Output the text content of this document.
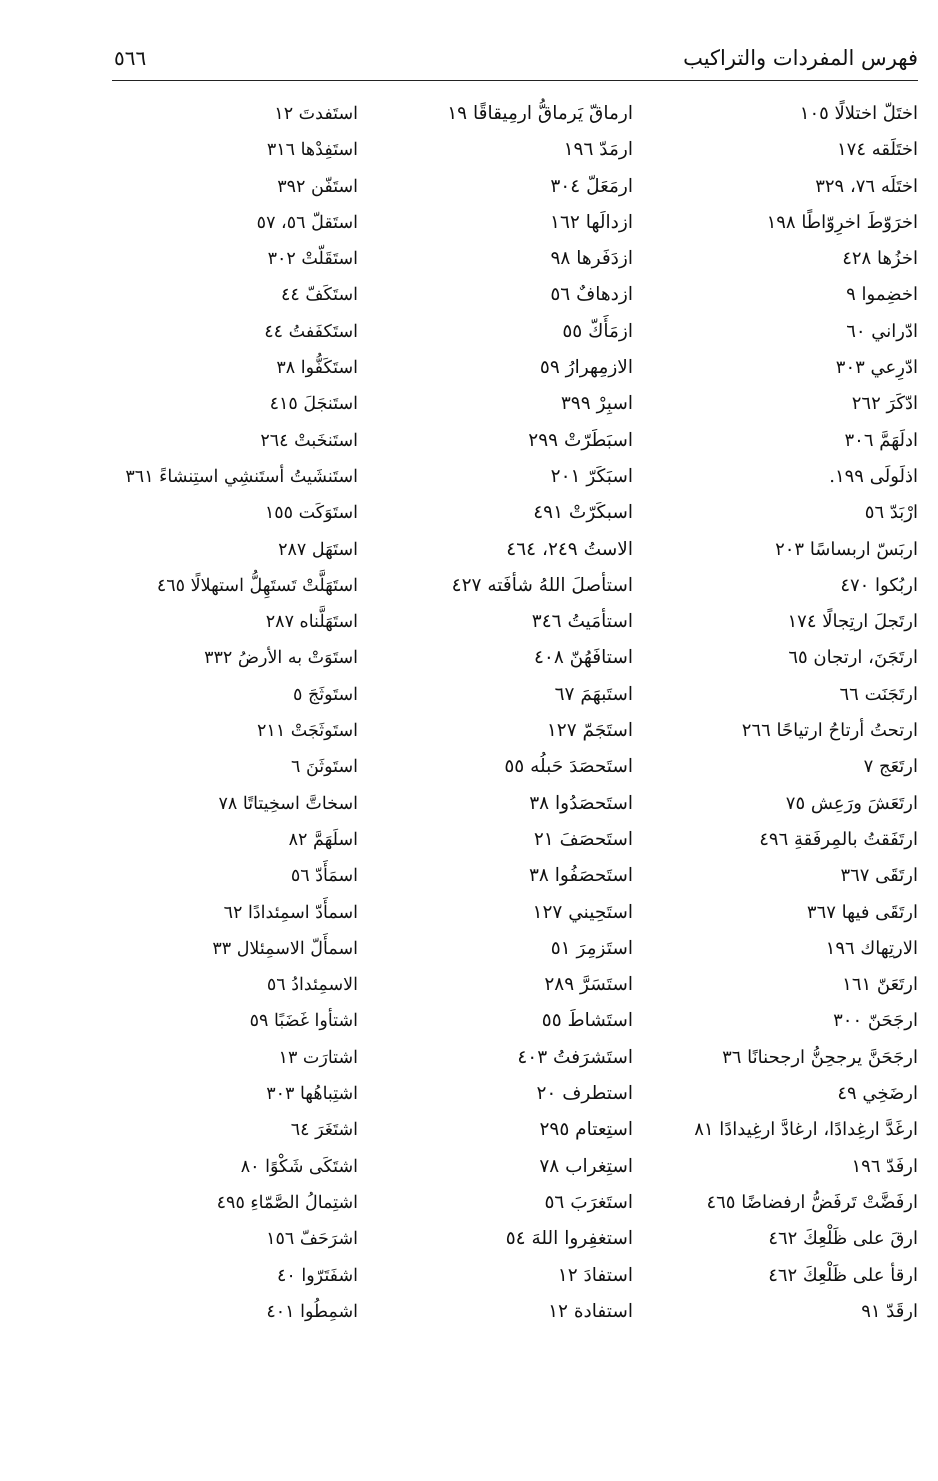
فهرس المفردات والتراكيب
٥٦٦
اختَلّ اختلالًا ١٠٥
اختَلَقه ١٧٤
اختَلَه ٧٦، ٣٢٩
اخرَوّطَ اخرِوّاطًا ١٩٨
اخزُها ٤٢٨
اخضِموا ٩
ادّراني ٦٠
ادّرِعي ٣٠٣
ادّكَرَ ٢٦٢
ادلَهَمَّ ٣٠٦
اذلَولَى ١٩٩.
ارْبَدّ ٥٦
اربَسّ اربساسًا ٢٠٣
اربُكوا ٤٧٠
ارتَجلَ ارتِجالًا ١٧٤
ارتَجَنَ، ارتجان ٦٥
ارتَجَنَت ٦٦
ارتحتُ أرتاحُ ارتياحًا ٢٦٦
ارتَعَج ٧
ارتَعَشَ ورَعِش ٧٥
ارتَفَقتُ بالمِرفَقةِ ٤٩٦
ارتَقَى ٣٦٧
ارتَقَى فيها ٣٦٧
الارتِهاك ١٩٦
ارتَعَنّ ١٦١
ارجَحَنّ ٣٠٠
ارجَحَنَّ يرجحِنُّ ارجحنانًا ٣٦
ارضَخِي ٤٩
ارغَدَّ ارغِدادًا، ارغادَّ ارغِيدادًا ٨١
ارفَدّ ١٩٦
ارفَضَّتْ تَرفَضُّ ارفضاضًا ٤٦٥
ارقَ على ظَلْعِكَ ٤٦٢
ارقأ على ظَلْعِكَ ٤٦٢
ارقَدّ ٩١
ارماقّ يَرماقُّ ارمِيقاقًا ١٩
ارمَدّ ١٩٦
ارمَعَلّ ٣٠٤
ازدالَها ١٦٢
ازدَفَرها ٩٨
ازدهافٌ ٥٦
ازمَأَكّ ٥٥
الازمِهرارُ ٥٩
اسبِرْ ٣٩٩
اسبَطَرّتْ ٢٩٩
اسبَكَرّ ٢٠١
اسبكَرّتْ ٤٩١
الاستُ ٢٤٩، ٤٦٤
استأصلَ اللهُ شأفَته ٤٢٧
استأمَيتُ ٣٤٦
استافَهُنّ ٤٠٨
استَبهَمَ ٦٧
استَجَمّ ١٢٧
استَحصَدَ حَبلُه ٥٥
استَحصَدُوا ٣٨
استَحصَفَ ٢١
استَحصَفُوا ٣٨
استَحِيني ١٢٧
استَزمِرَ ٥١
استَسَرَّ ٢٨٩
استَشاطَ ٥٥
استَشرَفتُ ٤٠٣
استطرف ٢٠
استِعتام ٢٩٥
استِغراب ٧٨
استَغرَبَ ٥٦
استغفِروا اللهَ ٥٤
استفادَ ١٢
استفادة ١٢
استَفدتَ ١٢
استَفِدْها ٣١٦
استَفّن ٣٩٢
استَقلّ ٥٦، ٥٧
استَقَلّتْ ٣٠٢
استَكَفّ ٤٤
استَكفَفتُ ٤٤
استَكَفُّوا ٣٨
استَنجَلَ ٤١٥
استَنخَبتْ ٢٦٤
استَنشَيتُ أستَنشِي استِنشاءً ٣٦١
استَوَكَت ١٥٥
استَهَل ٢٨٧
استَهَلَّتْ تَستَهِلُّ استهلالًا ٤٦٥
استَهَلَّناه ٢٨٧
استَوَتْ به الأرضُ ٣٣٢
استَوثَجَ ٥
استَوثَجَتْ ٢١١
استَوثَنَ ٦
اسخاتَّ اسخِيتاتًا ٧٨
اسلَهَمَّ ٨٢
اسمَأَدّ ٥٦
اسمأَدّ اسمِئدادًا ٦٢
اسمأَلّ الاسمِئلال ٣٣
الاسمِئدادُ ٥٦
اشتأوا غَضَبًا ٥٩
اشتارَت ١٣
اشتِباهُها ٣٠٣
اشتَغَرَ ٦٤
اشتَكَى شَكْوًا ٨٠
اشتِمالُ الصَّمّاءِ ٤٩٥
اشرَحَفّ ١٥٦
اشفَتَرّوا ٤٠
اشمِطُوا ٤٠١
